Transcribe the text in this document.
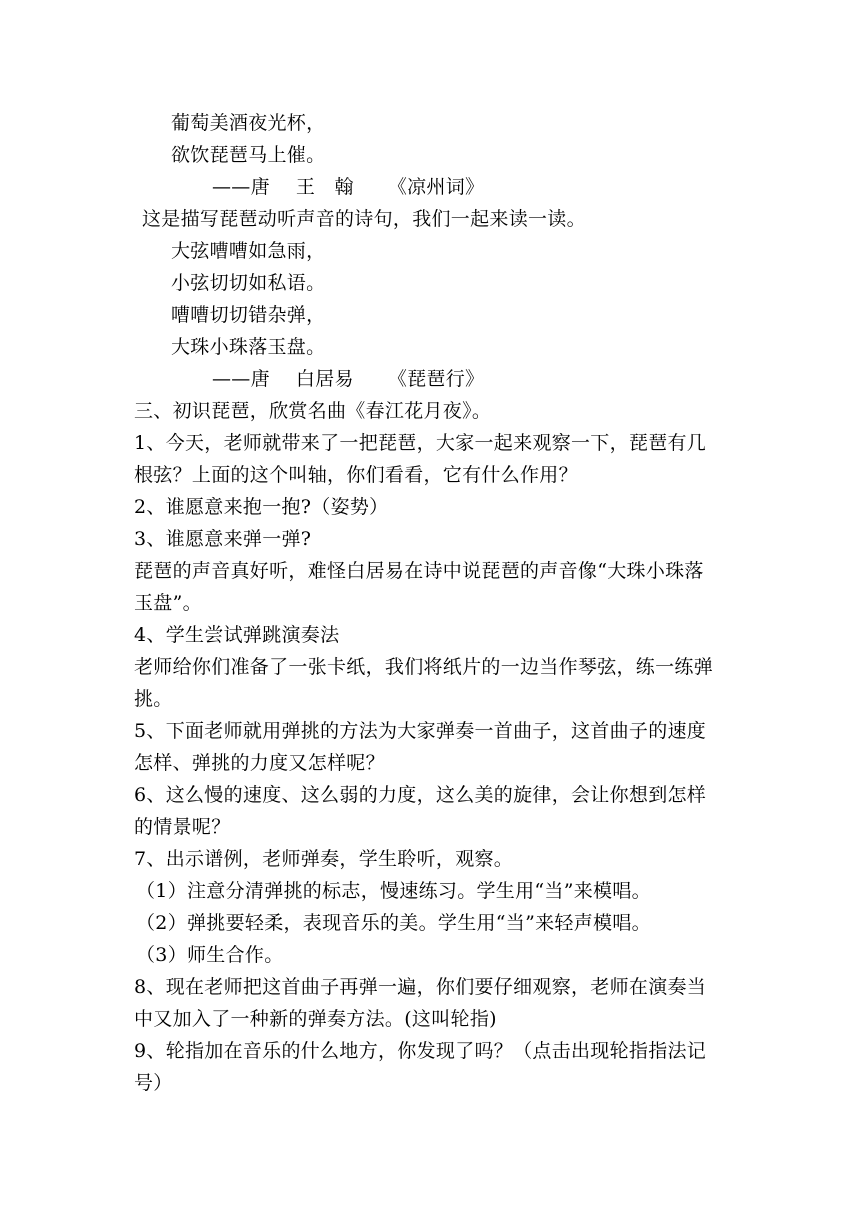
葡萄美酒夜光杯，
欲饮琵琶马上催。
——唐 王　翰 《凉州词》
这是描写琵琶动听声音的诗句，我们一起来读一读。
大弦嘈嘈如急雨，
小弦切切如私语。
嘈嘈切切错杂弹，
大珠小珠落玉盘。
——唐 白居易 《琵琶行》
三、初识琵琶，欣赏名曲《春江花月夜》。
1、今天，老师就带来了一把琵琶，大家一起来观察一下，琵琶有几
根弦？上面的这个叫轴，你们看看，它有什么作用？
2、谁愿意来抱一抱?（姿势）
3、谁愿意来弹一弹?
琵琶的声音真好听，难怪白居易在诗中说琵琶的声音像“大珠小珠落
玉盘”。
4、学生尝试弹跳演奏法
老师给你们准备了一张卡纸，我们将纸片的一边当作琴弦，练一练弹
挑。
5、下面老师就用弹挑的方法为大家弹奏一首曲子，这首曲子的速度
怎样、弹挑的力度又怎样呢？
6、这么慢的速度、这么弱的力度，这么美的旋律，会让你想到怎样
的情景呢？
7、出示谱例，老师弹奏，学生聆听，观察。
（1）注意分清弹挑的标志，慢速练习。学生用“当”来模唱。
（2）弹挑要轻柔，表现音乐的美。学生用“当”来轻声模唱。
（3）师生合作。
8、现在老师把这首曲子再弹一遍，你们要仔细观察，老师在演奏当
中又加入了一种新的弹奏方法。(这叫轮指)
9、轮指加在音乐的什么地方，你发现了吗？（点击出现轮指指法记
号）
